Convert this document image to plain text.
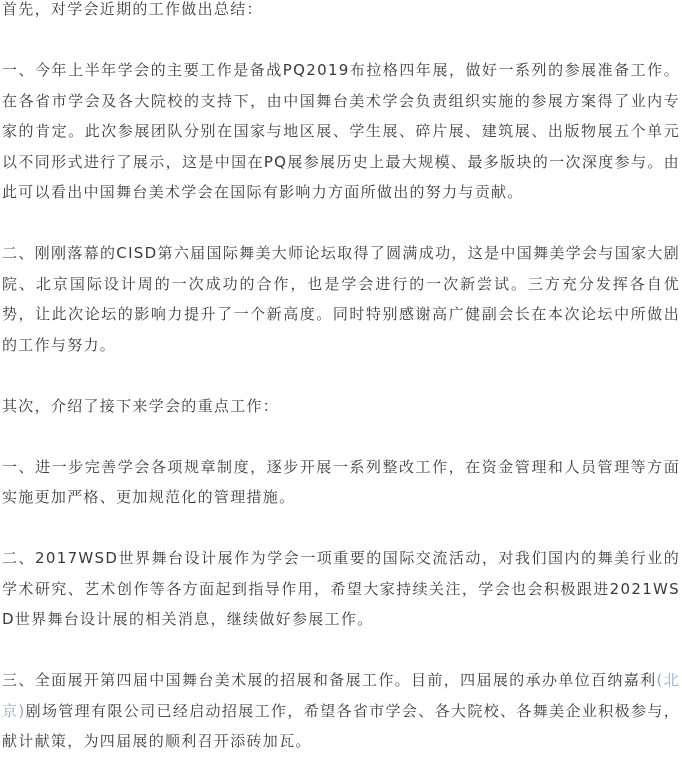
首先，对学会近期的工作做出总结：

一、今年上半年学会的主要工作是备战PQ2019布拉格四年展，做好一系列的参展准备工作。在各省市学会及各大院校的支持下，由中国舞台美术学会负责组织实施的参展方案得了业内专家的肯定。此次参展团队分别在国家与地区展、学生展、碎片展、建筑展、出版物展五个单元以不同形式进行了展示，这是中国在PQ展参展历史上最大规模、最多版块的一次深度参与。由此可以看出中国舞台美术学会在国际有影响力方面所做出的努力与贡献。

二、刚刚落幕的CISD第六届国际舞美大师论坛取得了圆满成功，这是中国舞美学会与国家大剧院、北京国际设计周的一次成功的合作，也是学会进行的一次新尝试。三方充分发挥各自优势，让此次论坛的影响力提升了一个新高度。同时特别感谢高广健副会长在本次论坛中所做出的工作与努力。

其次，介绍了接下来学会的重点工作：

一、进一步完善学会各项规章制度，逐步开展一系列整改工作，在资金管理和人员管理等方面实施更加严格、更加规范化的管理措施。

二、2017WSD世界舞台设计展作为学会一项重要的国际交流活动，对我们国内的舞美行业的学术研究、艺术创作等各方面起到指导作用，希望大家持续关注，学会也会积极跟进2021WSD世界舞台设计展的相关消息，继续做好参展工作。

三、全面展开第四届中国舞台美术展的招展和备展工作。目前，四届展的承办单位百纳嘉利(北京)剧场管理有限公司已经启动招展工作，希望各省市学会、各大院校、各舞美企业积极参与，献计献策，为四届展的顺利召开添砖加瓦。
